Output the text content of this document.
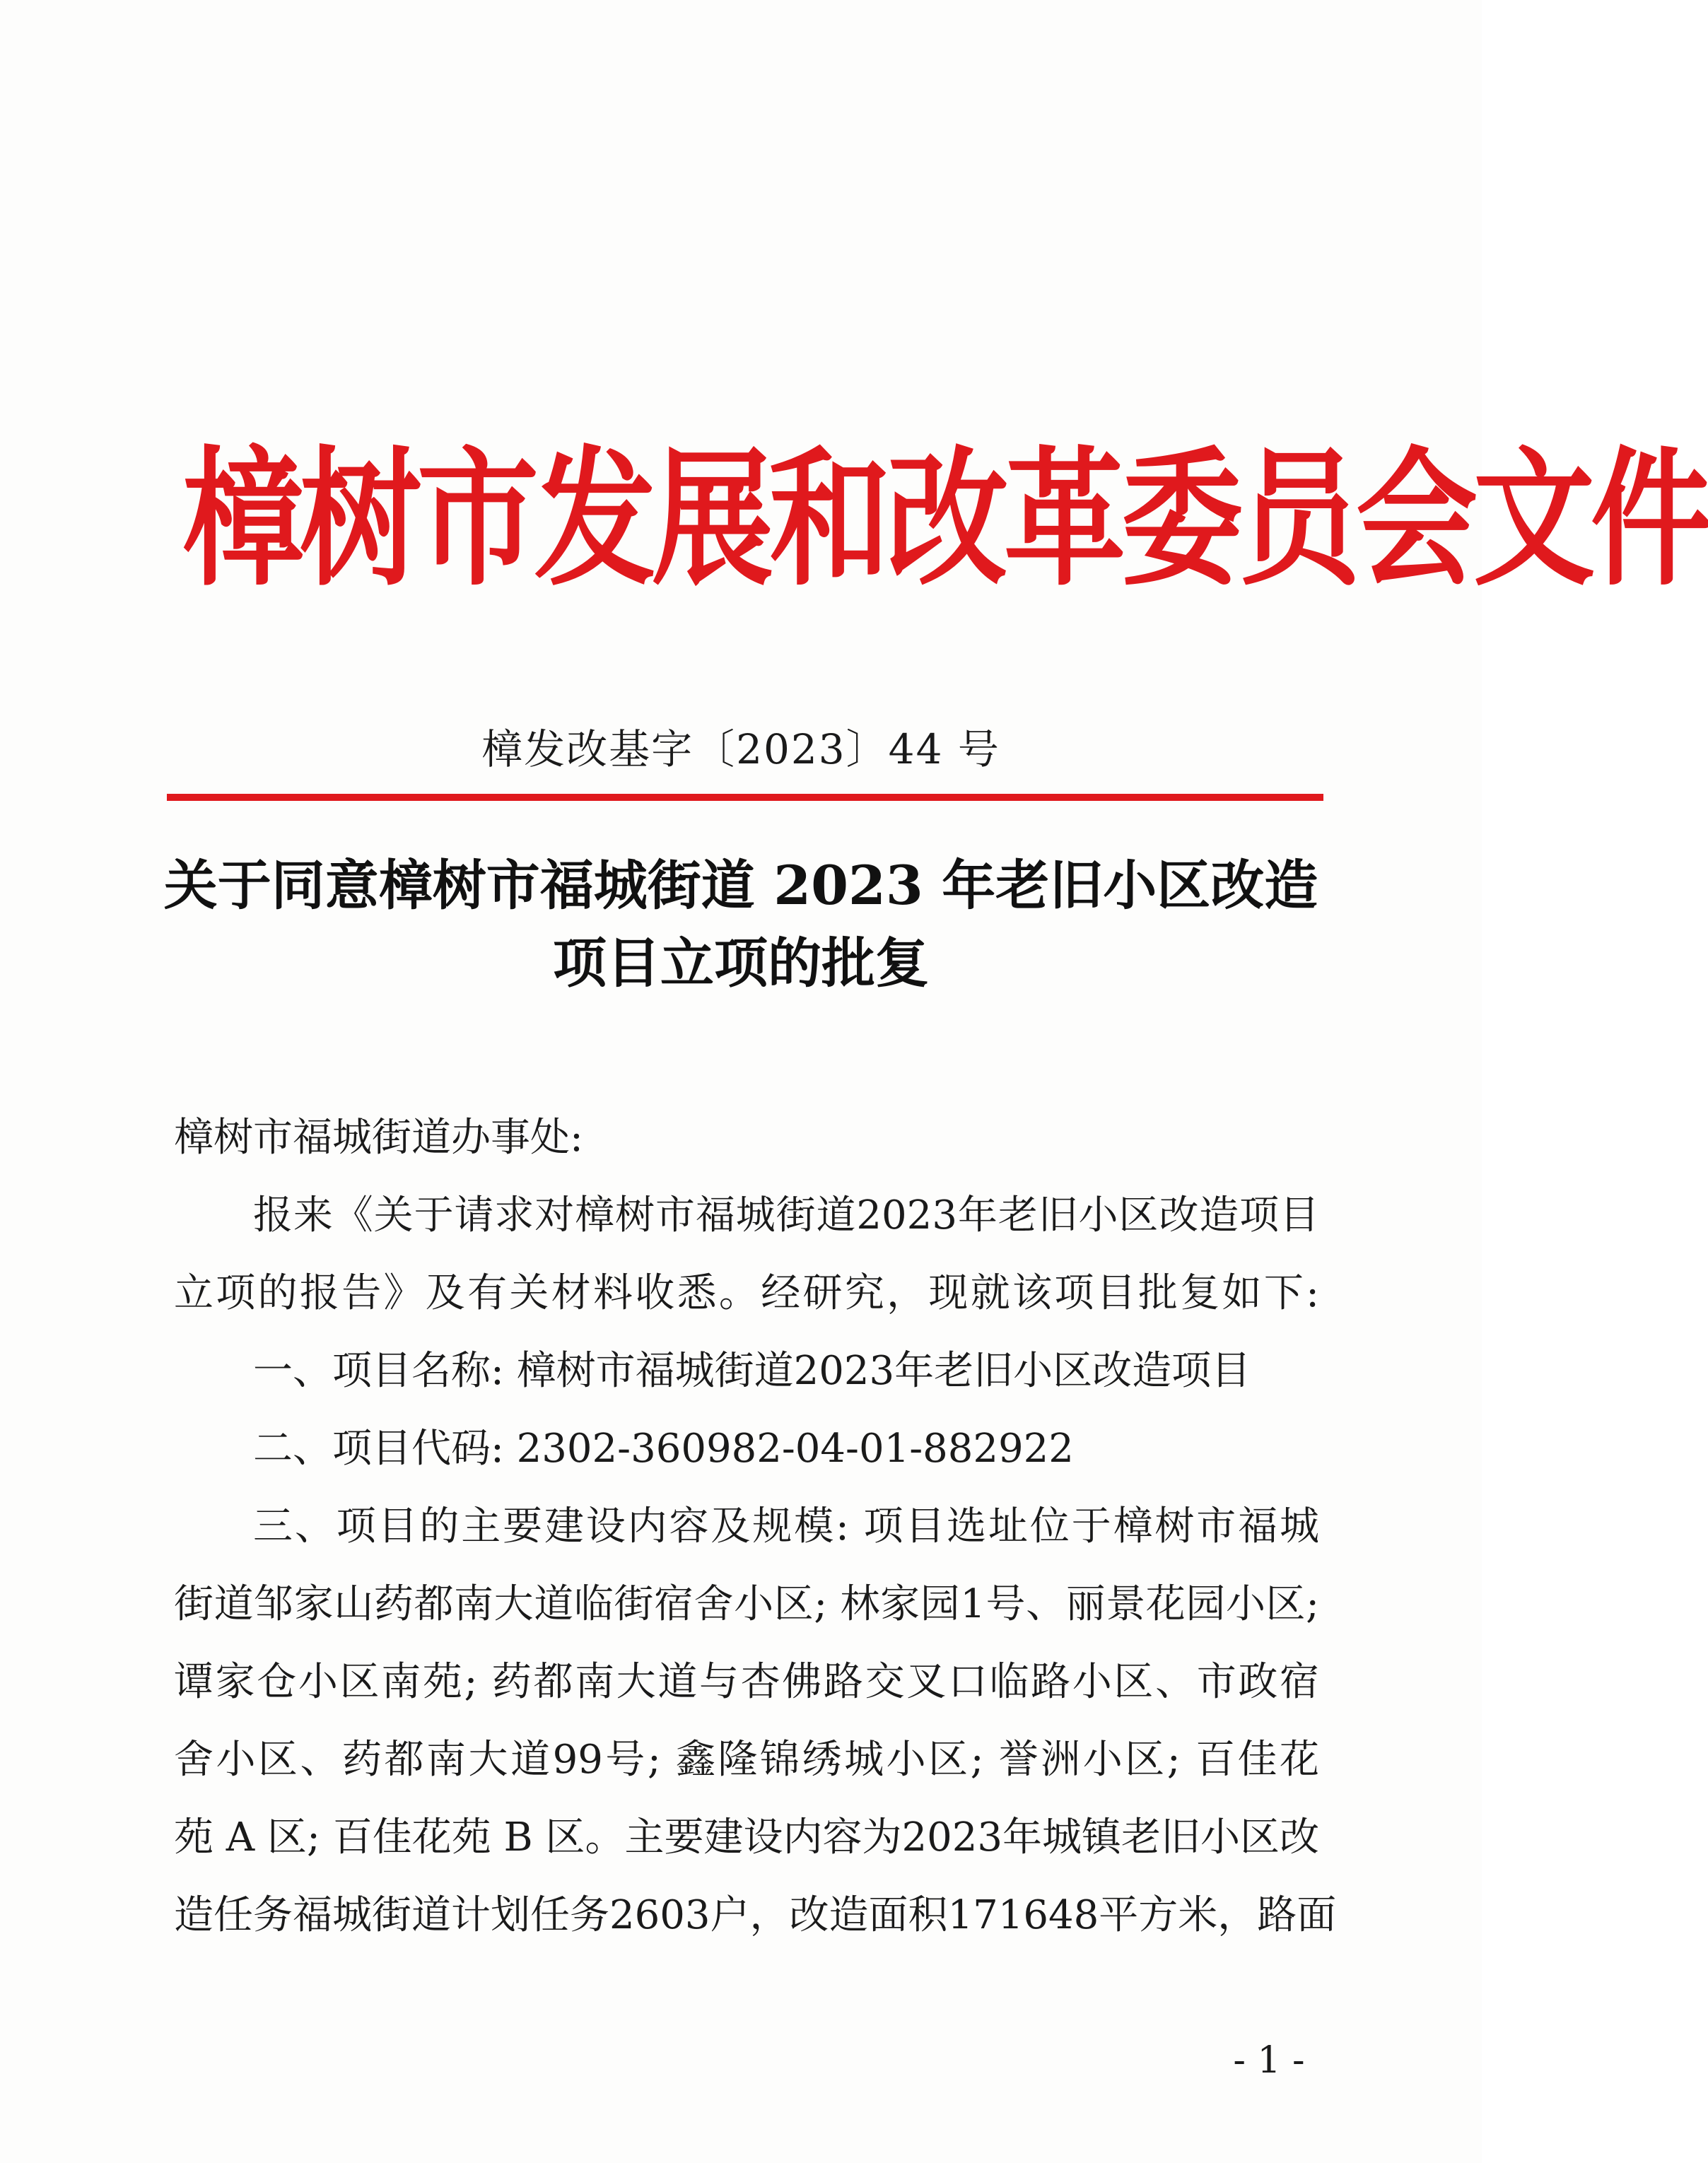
樟树市发展和改革委员会文件
樟发改基字〔2023〕44 号
关于同意樟树市福城街道 2023 年老旧小区改造
项目立项的批复
樟树市福城街道办事处:
报来《关于请求对樟树市福城街道2023年老旧小区改造项目
立项的报告》及有关材料收悉。经研究，现就该项目批复如下:
一、项目名称: 樟树市福城街道2023年老旧小区改造项目
二、项目代码: 2302-360982-04-01-882922
三、项目的主要建设内容及规模: 项目选址位于樟树市福城
街道邹家山药都南大道临街宿舍小区; 林家园1号、丽景花园小区;
谭家仓小区南苑; 药都南大道与杏佛路交叉口临路小区、市政宿
舍小区、药都南大道99号; 鑫隆锦绣城小区; 誉洲小区; 百佳花
苑 A 区; 百佳花苑 B 区。主要建设内容为2023年城镇老旧小区改
造任务福城街道计划任务2603户，改造面积171648平方米，路面
- 1 -
